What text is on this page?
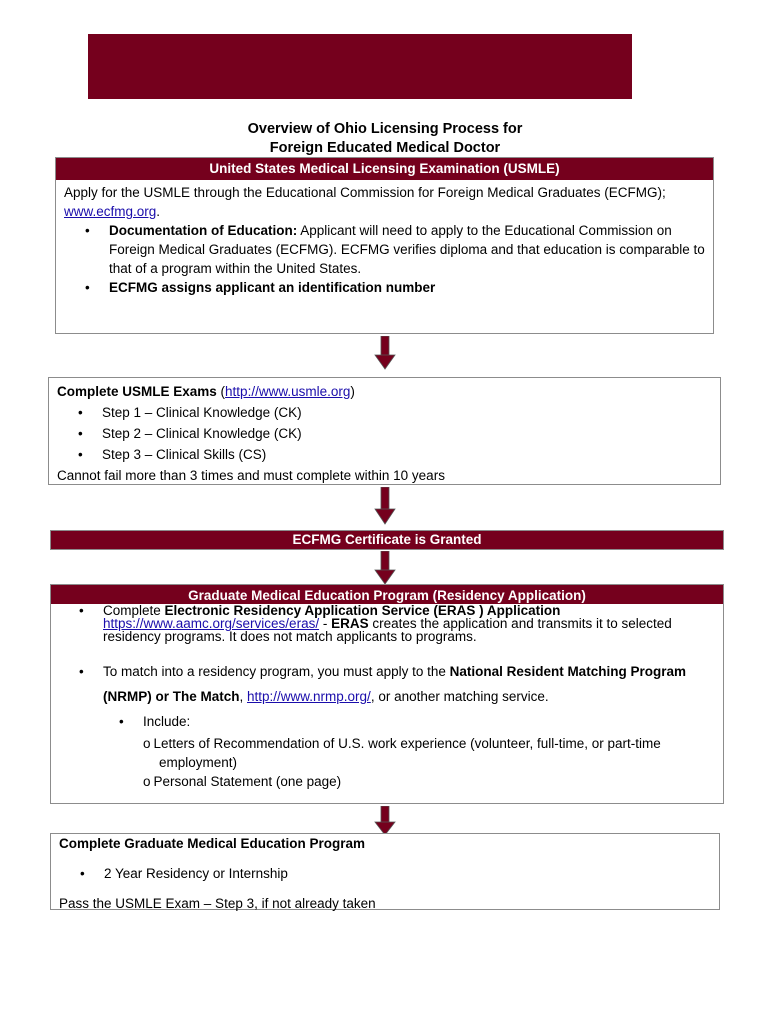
Overview of Ohio Licensing Process for
Foreign Educated Medical Doctor
United States Medical Licensing Examination (USMLE)
Apply for the USMLE through the Educational Commission for Foreign Medical Graduates (ECFMG);
www.ecfmg.org.
• Documentation of Education: Applicant will need to apply to the Educational Commission on Foreign Medical Graduates (ECFMG). ECFMG verifies diploma and that education is comparable to that of a program within the United States.
• ECFMG assigns applicant an identification number
Complete USMLE Exams (http://www.usmle.org)
• Step 1 – Clinical Knowledge (CK)
• Step 2 – Clinical Knowledge (CK)
• Step 3 – Clinical Skills (CS)
Cannot fail more than 3 times and must complete within 10 years
ECFMG Certificate is Granted
Graduate Medical Education Program (Residency Application)
• Complete Electronic Residency Application Service (ERAS ) Application
https://www.aamc.org/services/eras/ - ERAS creates the application and transmits it to selected residency programs. It does not match applicants to programs.
• To match into a residency program, you must apply to the National Resident Matching Program (NRMP) or The Match, http://www.nrmp.org/, or another matching service.
• Include:
o Letters of Recommendation of U.S. work experience (volunteer, full-time, or part-time
employment)
o Personal Statement (one page)
Complete Graduate Medical Education Program
• 2 Year Residency or Internship
Pass the USMLE Exam – Step 3, if not already taken
